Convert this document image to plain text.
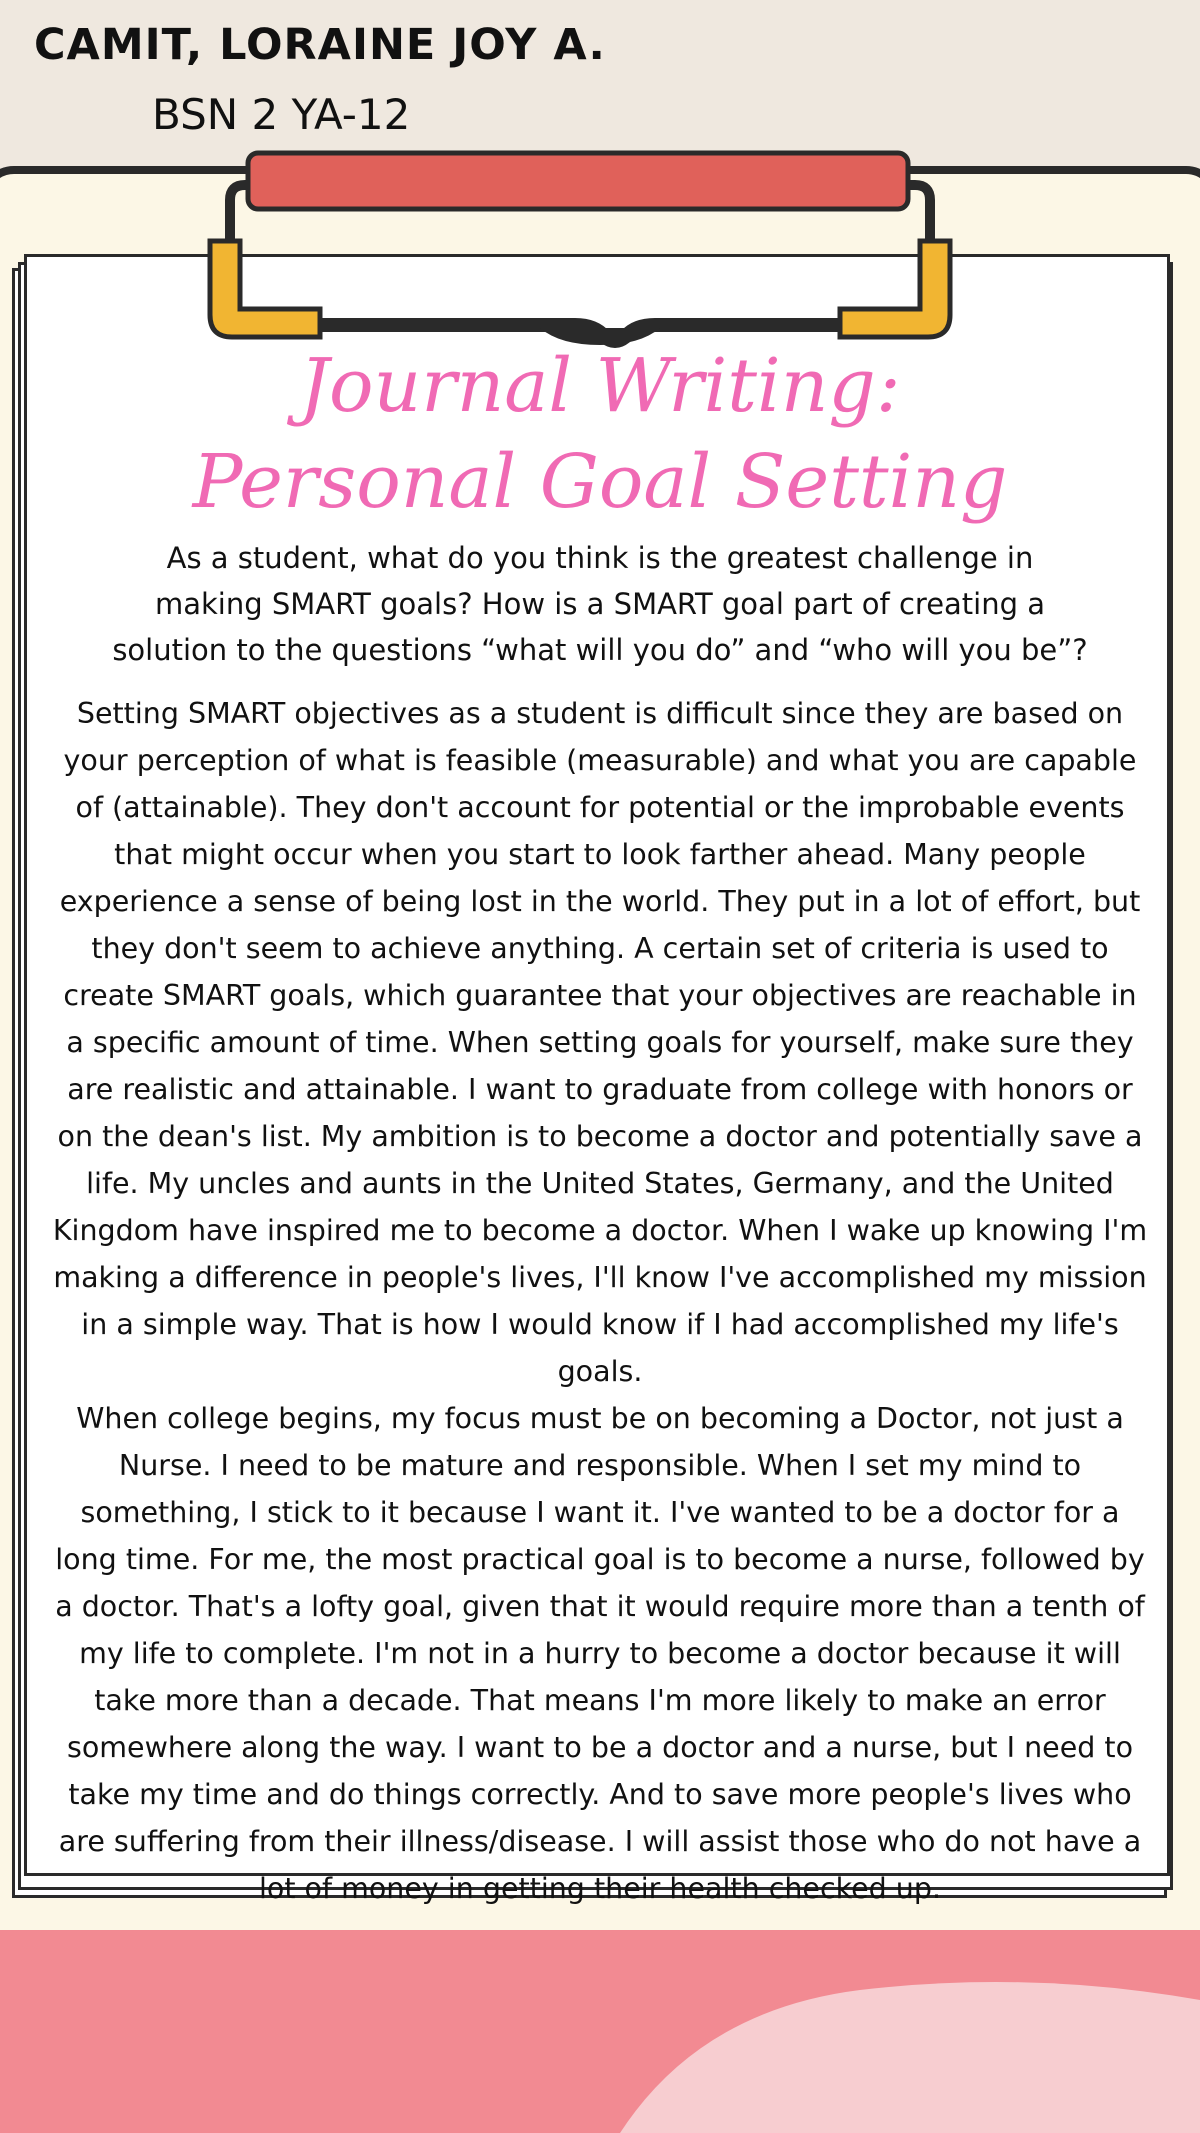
CAMIT, LORAINE JOY A.
BSN 2 YA-12
Journal Writing:
Personal Goal Setting
As a student, what do you think is the greatest challenge in making SMART goals? How is a SMART goal part of creating a solution to the questions “what will you do” and “who will you be”?

Setting SMART objectives as a student is difficult since they are based on your perception of what is feasible (measurable) and what you are capable of (attainable). They don't account for potential or the improbable events that might occur when you start to look farther ahead. Many people experience a sense of being lost in the world. They put in a lot of effort, but they don't seem to achieve anything. A certain set of criteria is used to create SMART goals, which guarantee that your objectives are reachable in a specific amount of time. When setting goals for yourself, make sure they are realistic and attainable. I want to graduate from college with honors or on the dean's list. My ambition is to become a doctor and potentially save a life. My uncles and aunts in the United States, Germany, and the United Kingdom have inspired me to become a doctor. When I wake up knowing I'm making a difference in people's lives, I'll know I've accomplished my mission in a simple way. That is how I would know if I had accomplished my life's goals.

When college begins, my focus must be on becoming a Doctor, not just a Nurse. I need to be mature and responsible. When I set my mind to something, I stick to it because I want it. I've wanted to be a doctor for a long time. For me, the most practical goal is to become a nurse, followed by a doctor. That's a lofty goal, given that it would require more than a tenth of my life to complete. I'm not in a hurry to become a doctor because it will take more than a decade. That means I'm more likely to make an error somewhere along the way. I want to be a doctor and a nurse, but I need to take my time and do things correctly. And to save more people's lives who are suffering from their illness/disease. I will assist those who do not have a lot of money in getting their health checked up.
